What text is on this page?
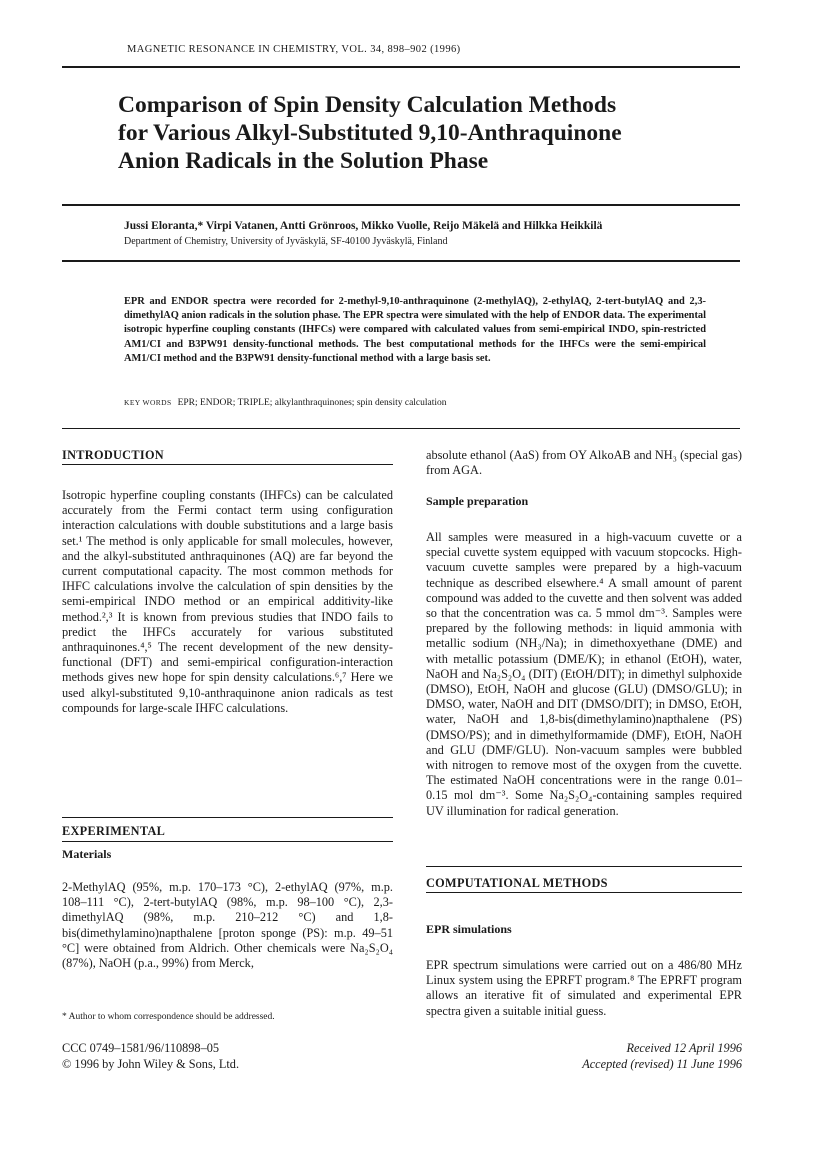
MAGNETIC RESONANCE IN CHEMISTRY, VOL. 34, 898–902 (1996)
Comparison of Spin Density Calculation Methods
for Various Alkyl-Substituted 9,10-Anthraquinone
Anion Radicals in the Solution Phase
Jussi Eloranta,* Virpi Vatanen, Antti Grönroos, Mikko Vuolle, Reijo Mäkelä and Hilkka Heikkilä
Department of Chemistry, University of Jyväskylä, SF-40100 Jyväskylä, Finland
EPR and ENDOR spectra were recorded for 2-methyl-9,10-anthraquinone (2-methylAQ), 2-ethylAQ, 2-tert-butylAQ and 2,3-dimethylAQ anion radicals in the solution phase. The EPR spectra were simulated with the help of ENDOR data. The experimental isotropic hyperfine coupling constants (IHFCs) were compared with calculated values from semi-empirical INDO, spin-restricted AM1/CI and B3PW91 density-functional methods. The best computational methods for the IHFCs were the semi-empirical AM1/CI method and the B3PW91 density-functional method with a large basis set.
KEY WORDS EPR; ENDOR; TRIPLE; alkylanthraquinones; spin density calculation
INTRODUCTION
Isotropic hyperfine coupling constants (IHFCs) can be calculated accurately from the Fermi contact term using configuration interaction calculations with double substitutions and a large basis set.¹ The method is only applicable for small molecules, however, and the alkyl-substituted anthraquinones (AQ) are far beyond the current computational capacity. The most common methods for IHFC calculations involve the calculation of spin densities by the semi-empirical INDO method or an empirical additivity-like method.²,³ It is known from previous studies that INDO fails to predict the IHFCs accurately for various substituted anthraquinones.⁴,⁵ The recent development of the new density-functional (DFT) and semi-empirical configuration-interaction methods gives new hope for spin density calculations.⁶,⁷ Here we used alkyl-substituted 9,10-anthraquinone anion radicals as test compounds for large-scale IHFC calculations.
EXPERIMENTAL
Materials
2-MethylAQ (95%, m.p. 170–173 °C), 2-ethylAQ (97%, m.p. 108–111 °C), 2-tert-butylAQ (98%, m.p. 98–100 °C), 2,3-dimethylAQ (98%, m.p. 210–212 °C) and 1,8-bis(dimethylamino)napthalene [proton sponge (PS): m.p. 49–51 °C] were obtained from Aldrich. Other chemicals were Na₂S₂O₄ (87%), NaOH (p.a., 99%) from Merck,
absolute ethanol (AaS) from OY AlkoAB and NH₃ (special gas) from AGA.
Sample preparation
All samples were measured in a high-vacuum cuvette or a special cuvette system equipped with vacuum stopcocks. High-vacuum cuvette samples were prepared by a high-vacuum technique as described elsewhere.⁴ A small amount of parent compound was added to the cuvette and then solvent was added so that the concentration was ca. 5 mmol dm⁻³. Samples were prepared by the following methods: in liquid ammonia with metallic sodium (NH₃/Na); in dimethoxyethane (DME) and with metallic potassium (DME/K); in ethanol (EtOH), water, NaOH and Na₂S₂O₄ (DIT) (EtOH/DIT); in dimethyl sulphoxide (DMSO), EtOH, NaOH and glucose (GLU) (DMSO/GLU); in DMSO, water, NaOH and DIT (DMSO/DIT); in DMSO, EtOH, water, NaOH and 1,8-bis(dimethylamino)napthalene (PS) (DMSO/PS); and in dimethylformamide (DMF), EtOH, NaOH and GLU (DMF/GLU). Non-vacuum samples were bubbled with nitrogen to remove most of the oxygen from the cuvette. The estimated NaOH concentrations were in the range 0.01–0.15 mol dm⁻³. Some Na₂S₂O₄-containing samples required UV illumination for radical generation.
COMPUTATIONAL METHODS
EPR simulations
EPR spectrum simulations were carried out on a 486/80 MHz Linux system using the EPRFT program.⁸ The EPRFT program allows an iterative fit of simulated and experimental EPR spectra given a suitable initial guess.
* Author to whom correspondence should be addressed.
CCC 0749–1581/96/110898–05
© 1996 by John Wiley & Sons, Ltd.
Received 12 April 1996
Accepted (revised) 11 June 1996
